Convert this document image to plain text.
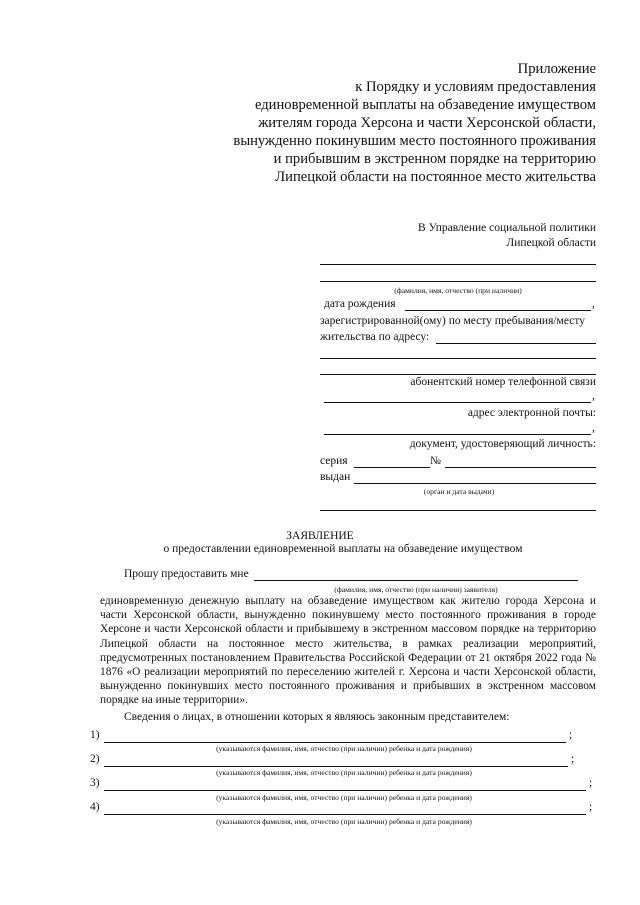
Приложение
к Порядку и условиям предоставления
единовременной выплаты на обзаведение имуществом
жителям города Херсона и части Херсонской области,
вынужденно покинувшим место постоянного проживания
и прибывшим в экстренном порядке на территорию
Липецкой области на постоянное место жительства
В Управление социальной политики
Липецкой области
(фамилия, имя, отчество (при наличии)
дата рождения	,
зарегистрированной(ому) по месту пребывания/месту
жительства по адресу:
абонентский номер телефонной связи
,
адрес электронной почты:
,
документ, удостоверяющий личность:
серия	№
выдан
(орган и дата выдачи)
ЗАЯВЛЕНИЕ
о предоставлении единовременной выплаты на обзаведение имуществом
Прошу предоставить мне
(фамилия, имя, отчество (при наличии) заявителя)

единовременную денежную выплату на обзаведение имуществом как жителю города Херсона и части Херсонской области, вынужденно покинувшему место постоянного проживания в городе Херсоне и части Херсонской области и прибывшему в экстренном массовом порядке на территорию Липецкой области на постоянное место жительства, в рамках реализации мероприятий, предусмотренных постановлением Правительства Российской Федерации от 21 октября 2022 года № 1876 «О реализации мероприятий по переселению жителей г. Херсона и части Херсонской области, вынужденно покинувших место постоянного проживания и прибывших в экстренном массовом порядке на иные территории».

Сведения о лицах, в отношении которых я являюсь законным представителем:
1)	;
(указываются фамилия, имя, отчество (при наличии) ребенка и дата рождения)
2)	;
(указываются фамилия, имя, отчество (при наличии) ребенка и дата рождения)
3)	;
(указываются фамилия, имя, отчество (при наличии) ребенка и дата рождения)
4)	;
(указываются фамилия, имя, отчество (при наличии) ребенка и дата рождения)
